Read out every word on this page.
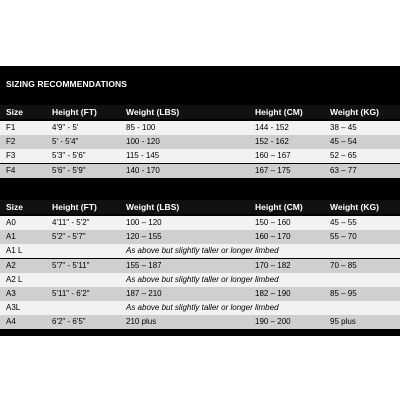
SIZING RECOMMENDATIONS
Size	Height (FT)	Weight (LBS)	Height (CM)	Weight (KG)
F1	4'9" - 5'	85 - 100	144 - 152	38 – 45
F2	5' - 5'4"	100 - 120	152 - 162	45 – 54
F3	5'3" - 5'6"	115 - 145	160 – 167	52 – 65
F4	5'6" - 5'9"	140 - 170	167 – 175	63 – 77
Size	Height (FT)	Weight (LBS)	Height (CM)	Weight (KG)
A0	4'11" - 5'2"	100 – 120	150 – 160	45 – 55
A1	5'2" - 5'7"	120 – 155	160 – 170	55 – 70
A1 L	As above but slightly taller or longer limbed
A2	5'7" - 5'11"	155 – 187	170 – 182	70 – 85
A2 L	As above but slightly taller or longer limbed
A3	5'11" - 6'2"	187 – 210	182 – 190	85 – 95
A3L	As above but slightly taller or longer limbed
A4	6'2" - 6'5"	210 plus	190 – 200	95 plus
